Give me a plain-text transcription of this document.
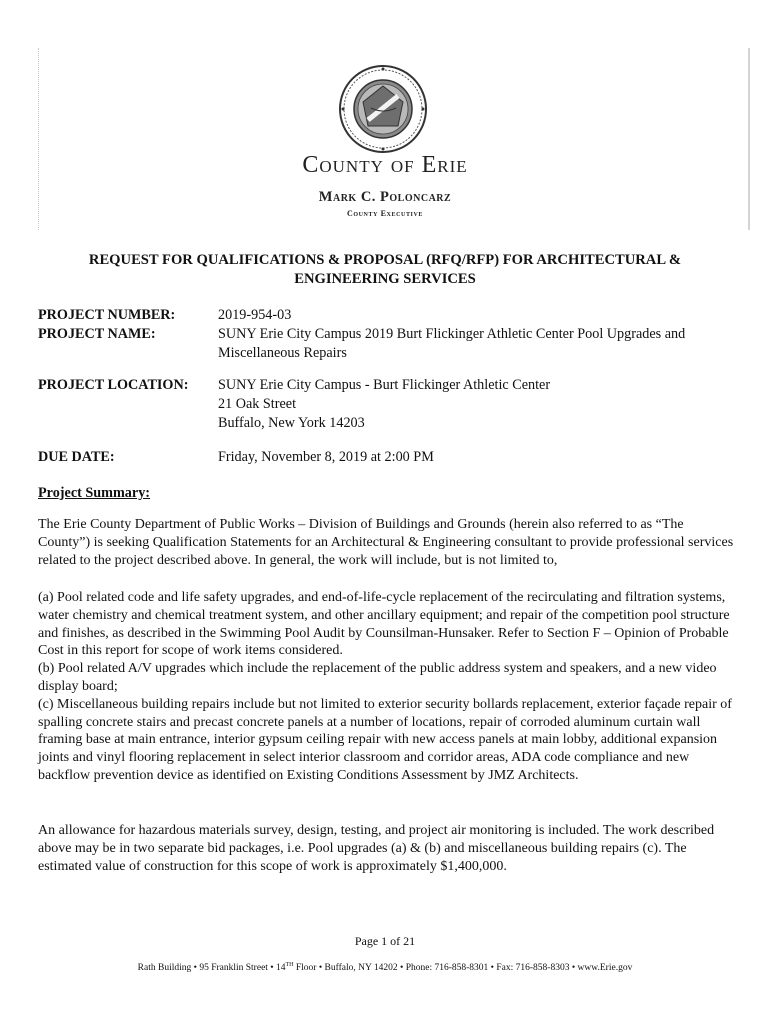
County of Erie
Mark C. Poloncarz
County Executive
REQUEST FOR QUALIFICATIONS & PROPOSAL (RFQ/RFP) FOR ARCHITECTURAL & ENGINEERING SERVICES
PROJECT NUMBER:	2019-954-03
PROJECT NAME:	SUNY Erie City Campus 2019 Burt Flickinger Athletic Center Pool Upgrades and Miscellaneous Repairs
PROJECT LOCATION: SUNY Erie City Campus - Burt Flickinger Athletic Center
21 Oak Street
Buffalo, New York 14203
DUE DATE:	Friday, November 8, 2019 at 2:00 PM
Project Summary:

The Erie County Department of Public Works – Division of Buildings and Grounds (herein also referred to as “The County”) is seeking Qualification Statements for an Architectural & Engineering consultant to provide professional services related to the project described above. In general, the work will include, but is not limited to,

(a) Pool related code and life safety upgrades, and end-of-life-cycle replacement of the recirculating and filtration systems, water chemistry and chemical treatment system, and other ancillary equipment; and repair of the competition pool structure and finishes, as described in the Swimming Pool Audit by Counsilman-Hunsaker. Refer to Section F – Opinion of Probable Cost in this report for scope of work items considered.
(b) Pool related A/V upgrades which include the replacement of the public address system and speakers, and a new video display board;
(c) Miscellaneous building repairs include but not limited to exterior security bollards replacement, exterior façade repair of spalling concrete stairs and precast concrete panels at a number of locations, repair of corroded aluminum curtain wall framing base at main entrance, interior gypsum ceiling repair with new access panels at main lobby, additional expansion joints and vinyl flooring replacement in select interior classroom and corridor areas, ADA code compliance and new backflow prevention device as identified on Existing Conditions Assessment by JMZ Architects.

An allowance for hazardous materials survey, design, testing, and project air monitoring is included. The work described above may be in two separate bid packages, i.e. Pool upgrades (a) & (b) and miscellaneous building repairs (c). The estimated value of construction for this scope of work is approximately $1,400,000.

Page 1 of 21
Rath Building • 95 Franklin Street • 14TH Floor • Buffalo, NY 14202 • Phone: 716-858-8301 • Fax: 716-858-8303 • www.Erie.gov
